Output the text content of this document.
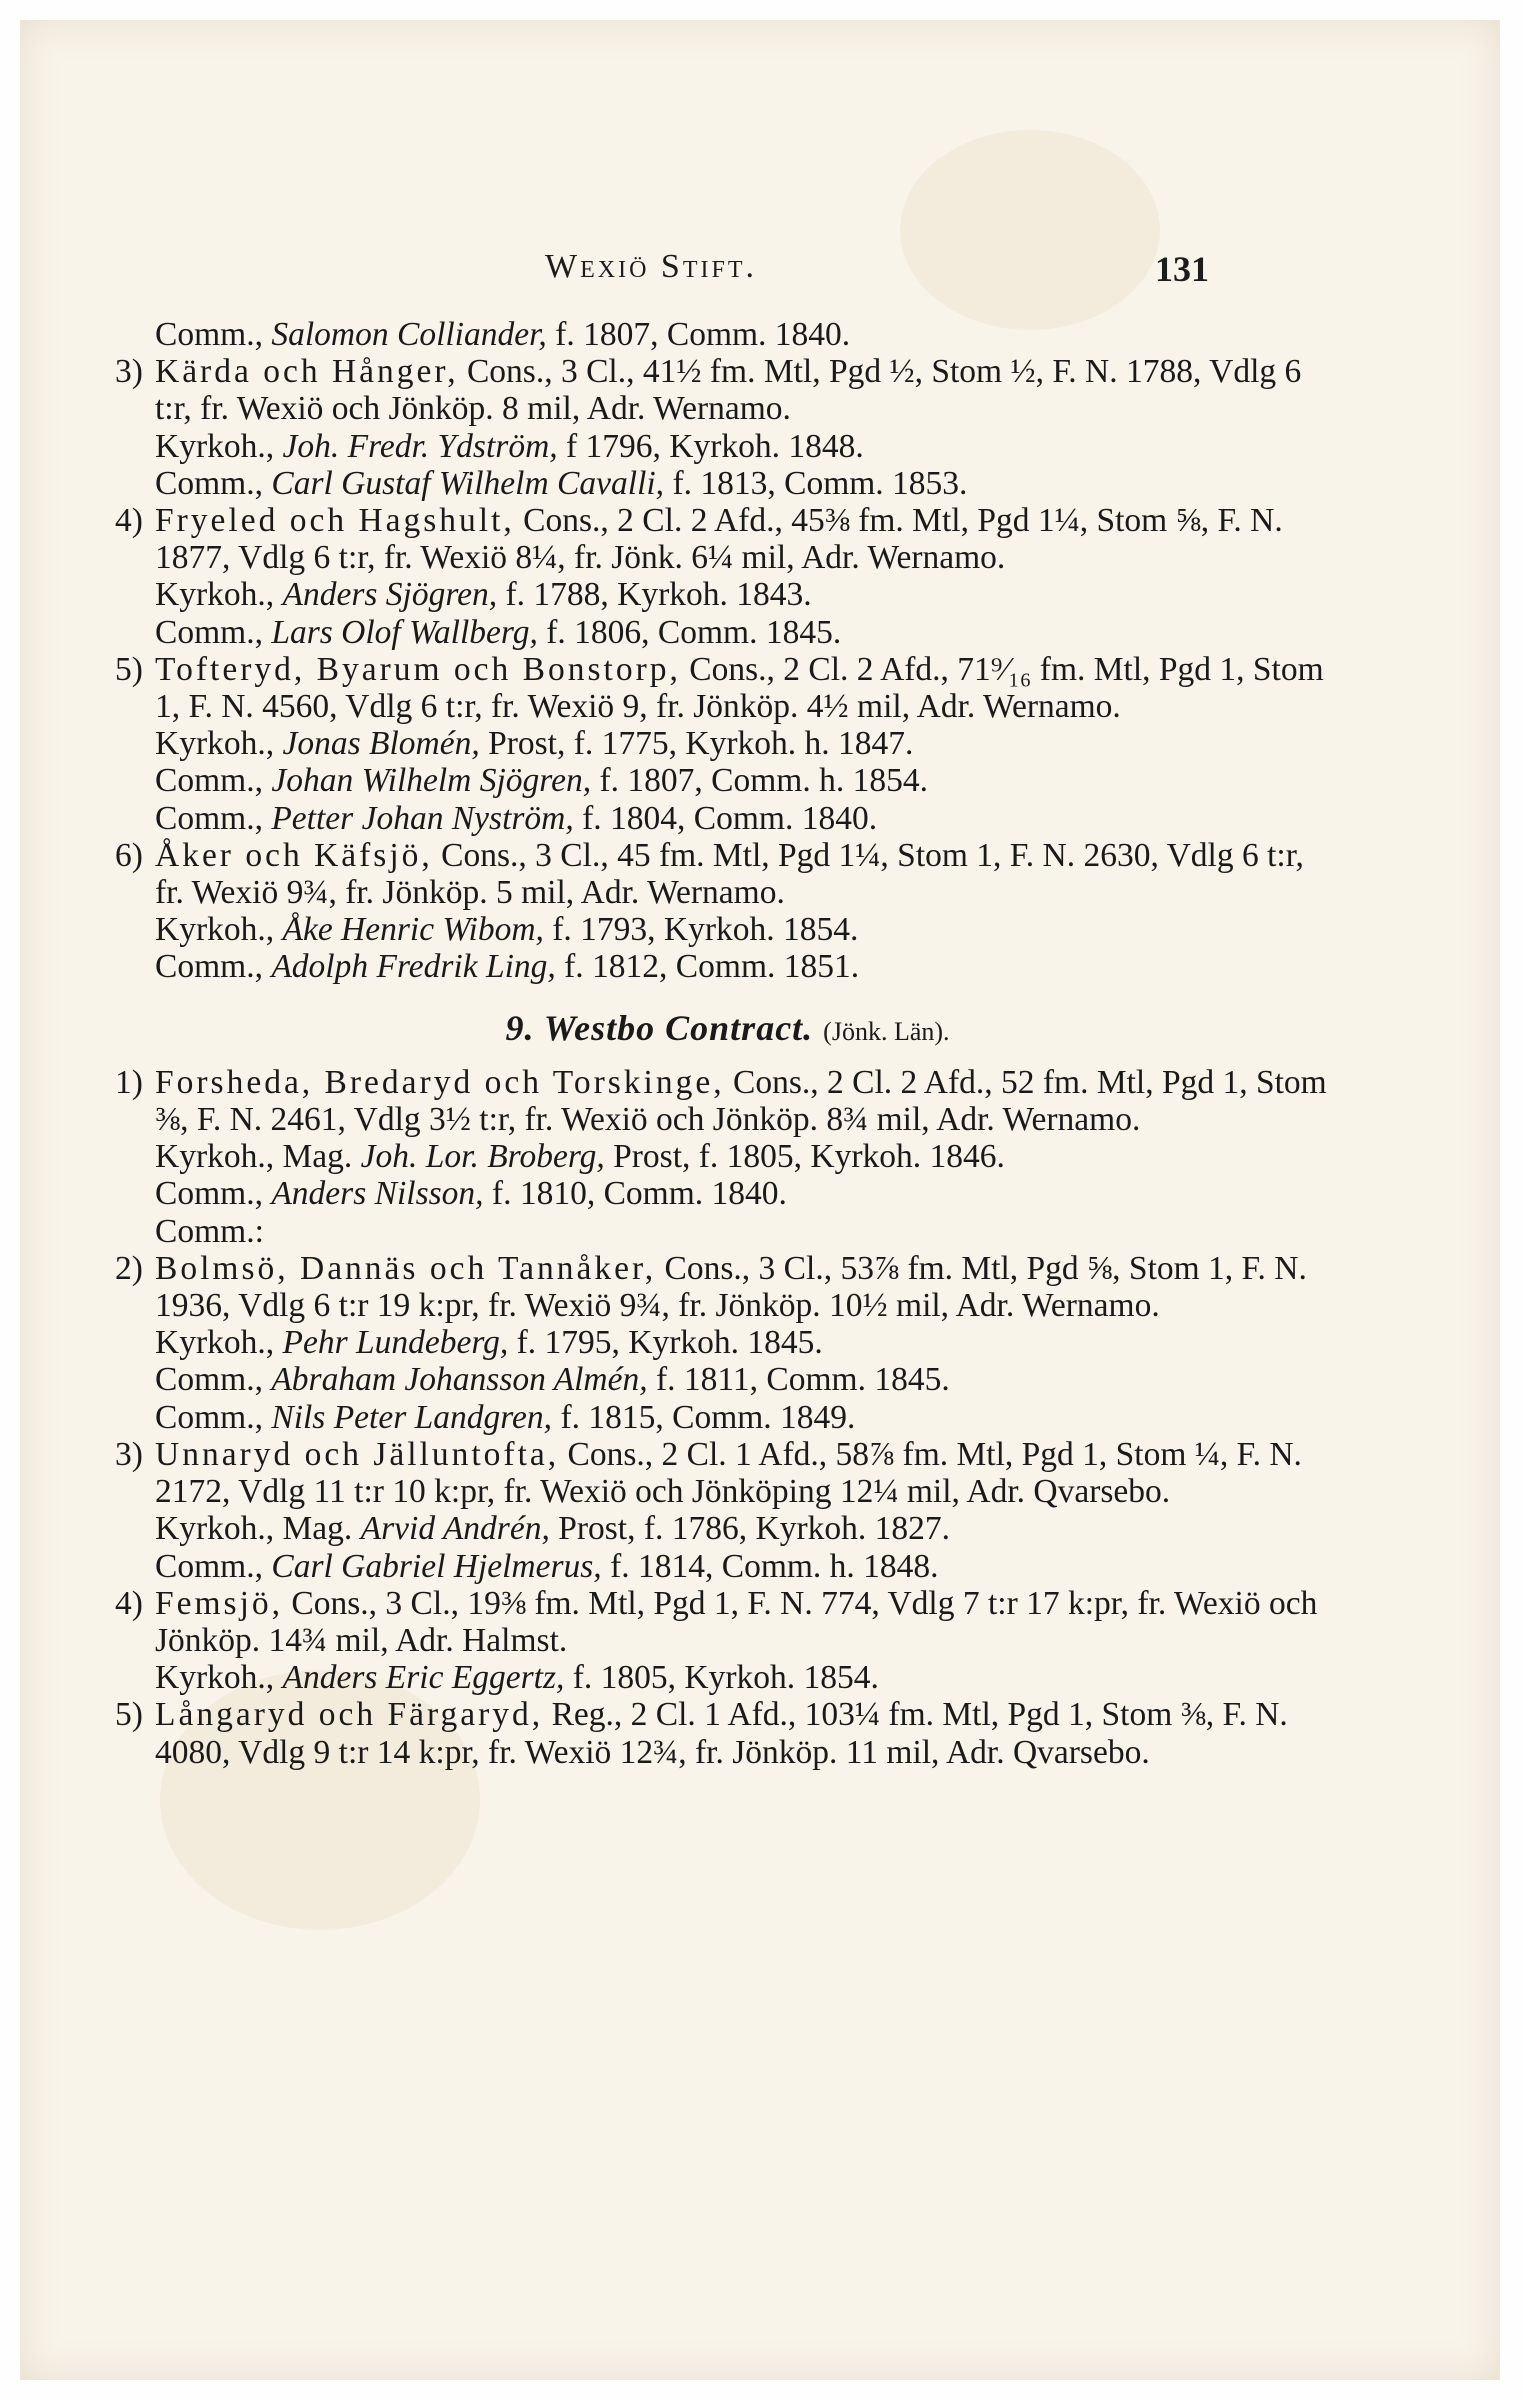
Wexiö Stift.	131
Comm., Salomon Colliander, f. 1807, Comm. 1840.
3) Kärda och Hånger, Cons., 3 Cl., 41½ fm. Mtl, Pgd ½, Stom ½, F. N. 1788, Vdlg 6 t:r, fr. Wexiö och Jönköp. 8 mil, Adr. Wernamo.
Kyrkoh., Joh. Fredr. Ydström, f 1796, Kyrkoh. 1848.
Comm., Carl Gustaf Wilhelm Cavalli, f. 1813, Comm. 1853.
4) Fryeled och Hagshult, Cons., 2 Cl. 2 Afd., 45⅜ fm. Mtl, Pgd 1¼, Stom ⅝, F. N. 1877, Vdlg 6 t:r, fr. Wexiö 8¼, fr. Jönk. 6¼ mil, Adr. Wernamo.
Kyrkoh., Anders Sjögren, f. 1788, Kyrkoh. 1843.
Comm., Lars Olof Wallberg, f. 1806, Comm. 1845.
5) Tofteryd, Byarum och Bonstorp, Cons., 2 Cl. 2 Afd., 71⁹⁄₁₆ fm. Mtl, Pgd 1, Stom 1, F. N. 4560, Vdlg 6 t:r, fr. Wexiö 9, fr. Jönköp. 4½ mil, Adr. Wernamo.
Kyrkoh., Jonas Blomén, Prost, f. 1775, Kyrkoh. h. 1847.
Comm., Johan Wilhelm Sjögren, f. 1807, Comm. h. 1854.
Comm., Petter Johan Nyström, f. 1804, Comm. 1840.
6) Åker och Käfsjö, Cons., 3 Cl., 45 fm. Mtl, Pgd 1¼, Stom 1, F. N. 2630, Vdlg 6 t:r, fr. Wexiö 9¾, fr. Jönköp. 5 mil, Adr. Wernamo.
Kyrkoh., Åke Henric Wibom, f. 1793, Kyrkoh. 1854.
Comm., Adolph Fredrik Ling, f. 1812, Comm. 1851.
9. Westbo Contract. (Jönk. Län).
1) Forsheda, Bredaryd och Torskinge, Cons., 2 Cl. 2 Afd., 52 fm. Mtl, Pgd 1, Stom ⅜, F. N. 2461, Vdlg 3½ t:r, fr. Wexiö och Jönköp. 8¾ mil, Adr. Wernamo.
Kyrkoh., Mag. Joh. Lor. Broberg, Prost, f. 1805, Kyrkoh. 1846.
Comm., Anders Nilsson, f. 1810, Comm. 1840.
Comm.:
2) Bolmsö, Dannäs och Tannåker, Cons., 3 Cl., 53⅞ fm. Mtl, Pgd ⅝, Stom 1, F. N. 1936, Vdlg 6 t:r 19 k:pr, fr. Wexiö 9¾, fr. Jönköp. 10½ mil, Adr. Wernamo.
Kyrkoh., Pehr Lundeberg, f. 1795, Kyrkoh. 1845.
Comm., Abraham Johansson Almén, f. 1811, Comm. 1845.
Comm., Nils Peter Landgren, f. 1815, Comm. 1849.
3) Unnaryd och Jälluntofta, Cons., 2 Cl. 1 Afd., 58⅞ fm. Mtl, Pgd 1, Stom ¼, F. N. 2172, Vdlg 11 t:r 10 k:pr, fr. Wexiö och Jönköping 12¼ mil, Adr. Qvarsebo.
Kyrkoh., Mag. Arvid Andrén, Prost, f. 1786, Kyrkoh. 1827.
Comm., Carl Gabriel Hjelmerus, f. 1814, Comm. h. 1848.
4) Femsjö, Cons., 3 Cl., 19⅜ fm. Mtl, Pgd 1, F. N. 774, Vdlg 7 t:r 17 k:pr, fr. Wexiö och Jönköp. 14¾ mil, Adr. Halmst.
Kyrkoh., Anders Eric Eggertz, f. 1805, Kyrkoh. 1854.
5) Långaryd och Färgaryd, Reg., 2 Cl. 1 Afd., 103¼ fm. Mtl, Pgd 1, Stom ⅜, F. N. 4080, Vdlg 9 t:r 14 k:pr, fr. Wexiö 12¾, fr. Jönköp. 11 mil, Adr. Qvarsebo.
